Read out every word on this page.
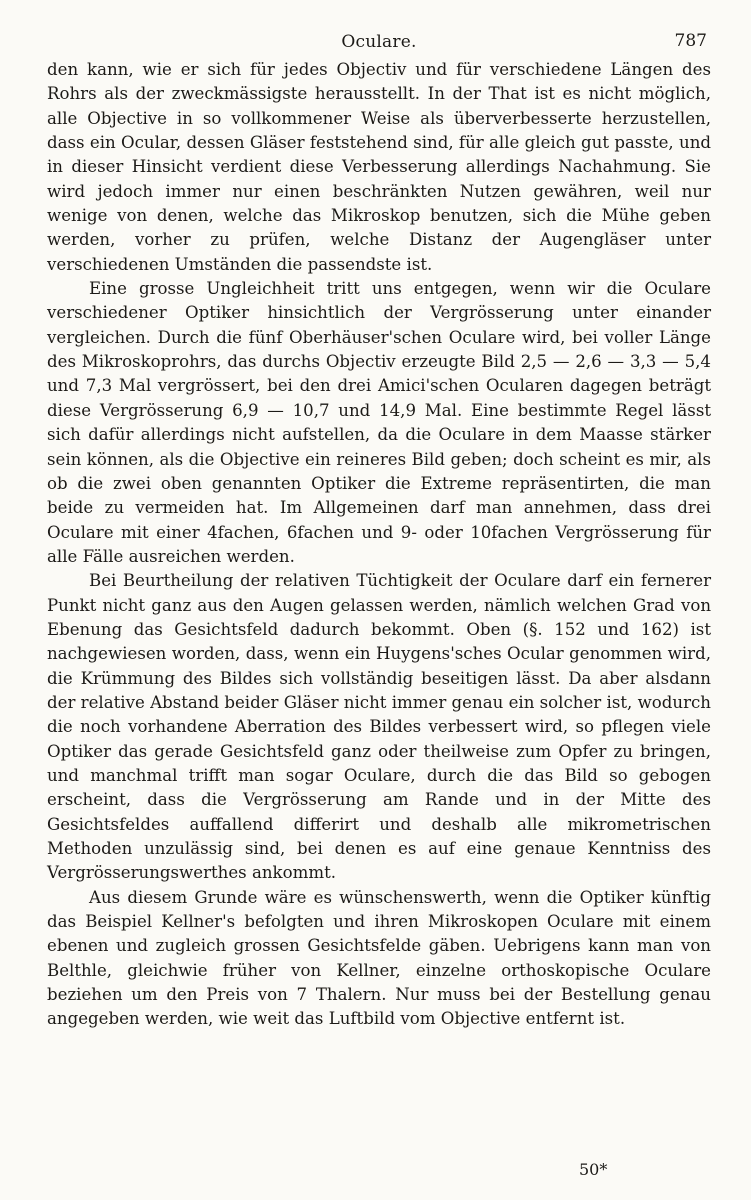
Oculare.	787

den kann, wie er sich für jedes Objectiv und für verschiedene Längen des Rohrs als der zweckmässigste herausstellt. In der That ist es nicht möglich, alle Objective in so vollkommener Weise als überverbesserte herzustellen, dass ein Ocular, dessen Gläser feststehend sind, für alle gleich gut passte, und in dieser Hinsicht verdient diese Verbesserung allerdings Nachahmung. Sie wird jedoch immer nur einen beschränkten Nutzen gewähren, weil nur wenige von denen, welche das Mikroskop benutzen, sich die Mühe geben werden, vorher zu prüfen, welche Distanz der Augengläser unter verschiedenen Umständen die passendste ist.

Eine grosse Ungleichheit tritt uns entgegen, wenn wir die Oculare verschiedener Optiker hinsichtlich der Vergrösserung unter einander vergleichen. Durch die fünf Oberhäuser'schen Oculare wird, bei voller Länge des Mikroskoprohrs, das durchs Objectiv erzeugte Bild 2,5 — 2,6 — 3,3 — 5,4 und 7,3 Mal vergrössert, bei den drei Amici'schen Ocularen dagegen beträgt diese Vergrösserung 6,9 — 10,7 und 14,9 Mal. Eine bestimmte Regel lässt sich dafür allerdings nicht aufstellen, da die Oculare in dem Maasse stärker sein können, als die Objective ein reineres Bild geben; doch scheint es mir, als ob die zwei oben genannten Optiker die Extreme repräsentirten, die man beide zu vermeiden hat. Im Allgemeinen darf man annehmen, dass drei Oculare mit einer 4fachen, 6fachen und 9- oder 10fachen Vergrösserung für alle Fälle ausreichen werden.

Bei Beurtheilung der relativen Tüchtigkeit der Oculare darf ein fernerer Punkt nicht ganz aus den Augen gelassen werden, nämlich welchen Grad von Ebenung das Gesichtsfeld dadurch bekommt. Oben (§. 152 und 162) ist nachgewiesen worden, dass, wenn ein Huygens'sches Ocular genommen wird, die Krümmung des Bildes sich vollständig beseitigen lässt. Da aber alsdann der relative Abstand beider Gläser nicht immer genau ein solcher ist, wodurch die noch vorhandene Aberration des Bildes verbessert wird, so pflegen viele Optiker das gerade Gesichtsfeld ganz oder theilweise zum Opfer zu bringen, und manchmal trifft man sogar Oculare, durch die das Bild so gebogen erscheint, dass die Vergrösserung am Rande und in der Mitte des Gesichtsfeldes auffallend differirt und deshalb alle mikrometrischen Methoden unzulässig sind, bei denen es auf eine genaue Kenntniss des Vergrösserungswerthes ankommt.

Aus diesem Grunde wäre es wünschenswerth, wenn die Optiker künftig das Beispiel Kellner's befolgten und ihren Mikroskopen Oculare mit einem ebenen und zugleich grossen Gesichtsfelde gäben. Uebrigens kann man von Belthle, gleichwie früher von Kellner, einzelne orthoskopische Oculare beziehen um den Preis von 7 Thalern. Nur muss bei der Bestellung genau angegeben werden, wie weit das Luftbild vom Objective entfernt ist.

50*
